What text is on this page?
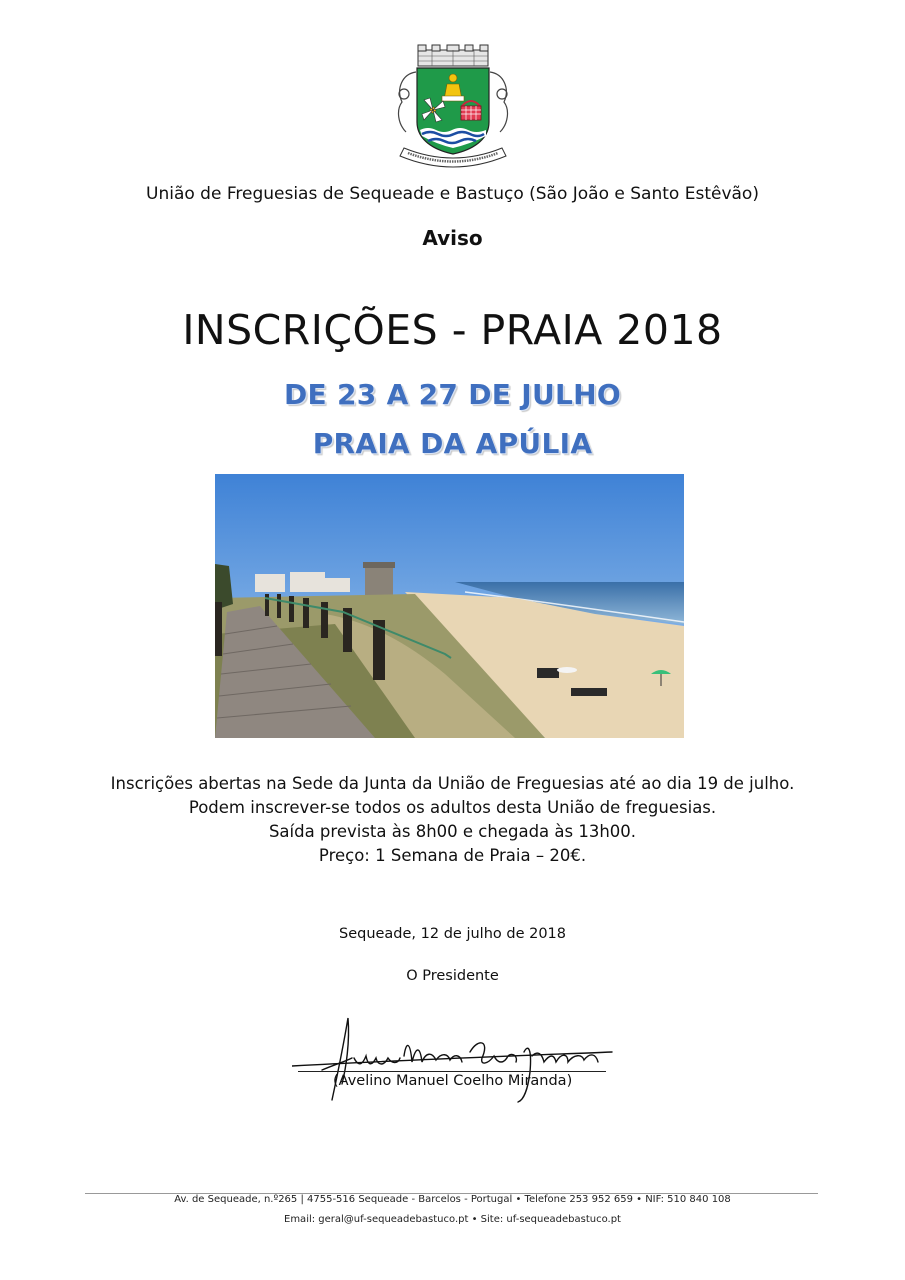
União de Freguesias de Sequeade e Bastuço (São João e Santo Estêvão)
Aviso
INSCRIÇÕES - PRAIA 2018
DE 23 A 27 DE JULHO
PRAIA DA APÚLIA
Inscrições abertas na Sede da Junta da União de Freguesias até ao dia 19 de julho.
Podem inscrever-se todos os adultos desta União de freguesias.
Saída prevista às 8h00 e chegada às 13h00.
Preço: 1 Semana de Praia – 20€.
Sequeade, 12 de julho de 2018
O Presidente
(Avelino Manuel Coelho Miranda)
Av. de Sequeade, n.º265 | 4755-516 Sequeade - Barcelos - Portugal • Telefone 253 952 659 • NIF: 510 840 108
Email: geral@uf-sequeadebastuco.pt • Site: uf-sequeadebastuco.pt
